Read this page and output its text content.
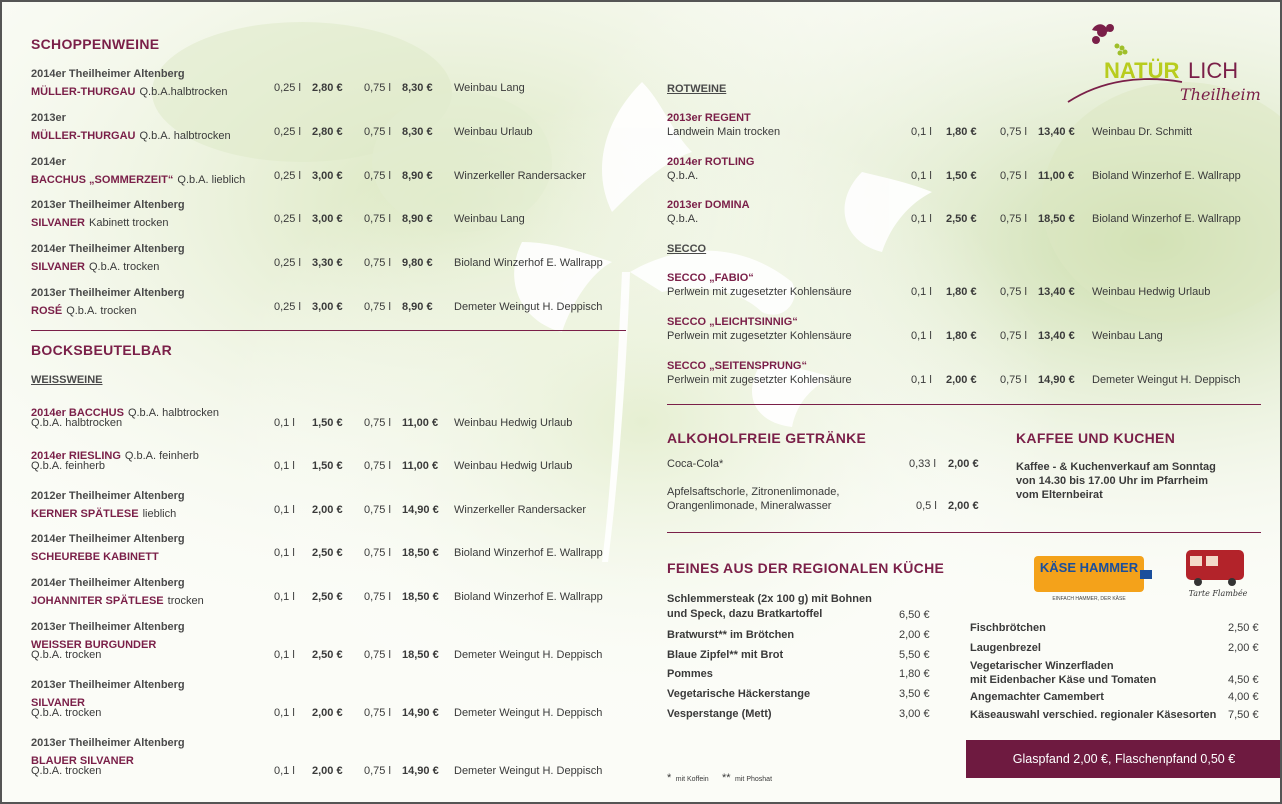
NATÜR LICH
Theilheim
SCHOPPENWEINE
2014er Theilheimer Altenberg
MÜLLER-THURGAU Q.b.A.halbtrocken	0,25 l 2,80 € 0,75 l 8,30 € Weinbau Lang
2013er
MÜLLER-THURGAU Q.b.A. halbtrocken	0,25 l 2,80 € 0,75 l 8,30 € Weinbau Urlaub
2014er
BACCHUS „SOMMERZEIT“ Q.b.A. lieblich	0,25 l 3,00 € 0,75 l 8,90 € Winzerkeller Randersacker
2013er Theilheimer Altenberg
SILVANER Kabinett trocken	0,25 l 3,00 € 0,75 l 8,90 € Weinbau Lang
2014er Theilheimer Altenberg
SILVANER Q.b.A. trocken	0,25 l 3,30 € 0,75 l 9,80 € Bioland Winzerhof E. Wallrapp
2013er Theilheimer Altenberg
ROSÉ Q.b.A. trocken	0,25 l 3,00 € 0,75 l 8,90 € Demeter Weingut H. Deppisch
BOCKSBEUTELBAR
WEISSWEINE
2014er BACCHUS Q.b.A. halbtrocken
Q.b.A. halbtrocken	0,1 l 1,50 € 0,75 l 11,00 € Weinbau Hedwig Urlaub
2014er RIESLING Q.b.A. feinherb
Q.b.A. feinherb	0,1 l 1,50 € 0,75 l 11,00 € Weinbau Hedwig Urlaub
2012er Theilheimer Altenberg
KERNER SPÄTLESE lieblich	0,1 l 2,00 € 0,75 l 14,90 € Winzerkeller Randersacker
2014er Theilheimer Altenberg
SCHEUREBE KABINETT	0,1 l 2,50 € 0,75 l 18,50 € Bioland Winzerhof E. Wallrapp
2014er Theilheimer Altenberg
JOHANNITER SPÄTLESE trocken	0,1 l 2,50 € 0,75 l 18,50 € Bioland Winzerhof E. Wallrapp
2013er Theilheimer Altenberg
WEISSER BURGUNDER
Q.b.A. trocken	0,1 l 2,50 € 0,75 l 18,50 € Demeter Weingut H. Deppisch
2013er Theilheimer Altenberg
SILVANER
Q.b.A. trocken	0,1 l 2,00 € 0,75 l 14,90 € Demeter Weingut H. Deppisch
2013er Theilheimer Altenberg
BLAUER SILVANER
Q.b.A. trocken	0,1 l 2,00 € 0,75 l 14,90 € Demeter Weingut H. Deppisch
ROTWEINE
2013er REGENT
Landwein Main trocken	0,1 l 1,80 € 0,75 l 13,40 € Weinbau Dr. Schmitt
2014er ROTLING
Q.b.A.	0,1 l 1,50 € 0,75 l 11,00 € Bioland Winzerhof E. Wallrapp
2013er DOMINA
Q.b.A.	0,1 l 2,50 € 0,75 l 18,50 € Bioland Winzerhof E. Wallrapp
SECCO
SECCO „FABIO“
Perlwein mit zugesetzter Kohlensäure	0,1 l 1,80 € 0,75 l 13,40 € Weinbau Hedwig Urlaub
SECCO „LEICHTSINNIG“
Perlwein mit zugesetzter Kohlensäure	0,1 l 1,80 € 0,75 l 13,40 € Weinbau Lang
SECCO „SEITENSPRUNG“
Perlwein mit zugesetzter Kohlensäure	0,1 l 2,00 € 0,75 l 14,90 € Demeter Weingut H. Deppisch
ALKOHOLFREIE GETRÄNKE
Coca-Cola*	0,33 l 2,00 €
Apfelsaftschorle, Zitronenlimonade,
Orangenlimonade, Mineralwasser	0,5 l 2,00 €
KAFFEE UND KUCHEN
Kaffee - & Kuchenverkauf am Sonntag
von 14.30 bis 17.00 Uhr im Pfarrheim
vom Elternbeirat
FEINES AUS DER REGIONALEN KÜCHE
Schlemmersteak (2x 100 g) mit Bohnen
und Speck, dazu Bratkartoffel	6,50 €
Bratwurst** im Brötchen	2,00 €
Blaue Zipfel** mit Brot	5,50 €
Pommes	1,80 €
Vegetarische Häckerstange	3,50 €
Vesperstange (Mett)	3,00 €
Fischbrötchen	2,50 €
Laugenbrezel	2,00 €
Vegetarischer Winzerfladen
mit Eidenbacher Käse und Tomaten	4,50 €
Angemachter Camembert	4,00 €
Käseauswahl verschied. regionaler Käsesorten 7,50 €
KÄSE HAMMER
EINFACH HAMMER, DER KÄSE
Tarte Flambée
* mit Koffein ** mit Phoshat
Glaspfand 2,00 €, Flaschenpfand 0,50 €
